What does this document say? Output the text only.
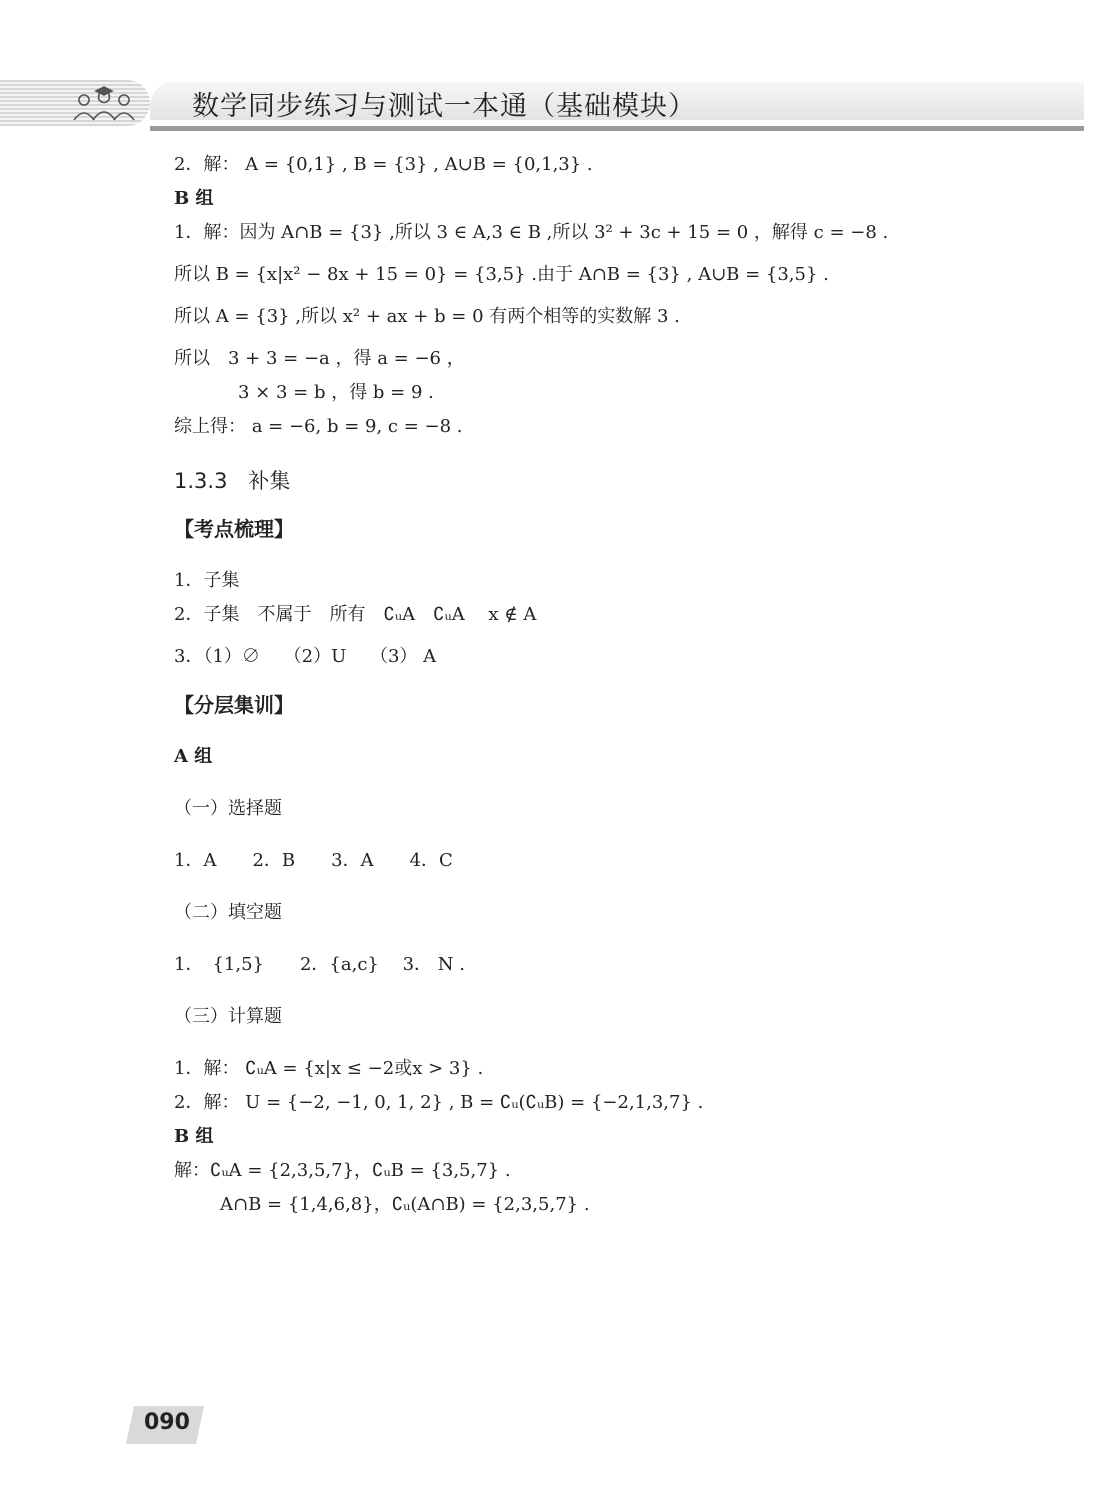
数学同步练习与测试一本通（基础模块）
2．解： A = {0,1} , B = {3} , A∪B = {0,1,3} .
B 组
1．解：因为 A∩B = {3} ,所以 3 ∈ A,3 ∈ B ,所以 3² + 3c + 15 = 0 ，解得 c = −8 .
所以 B = {x|x² − 8x + 15 = 0} = {3,5} .由于 A∩B = {3} , A∪B = {3,5} .
所以 A = {3} ,所以 x² + ax + b = 0 有两个相等的实数解 3 .
所以　3 + 3 = −a ，得 a = −6 ，
3 × 3 = b ，得 b = 9 .
综上得： a = −6, b = 9, c = −8 .
1.3.3　补集
【考点梳理】
1．子集
2．子集　不属于　所有　∁ᵤA　∁ᵤA　 x ∉ A
3．（1）∅　 （2）U　 （3） A
【分层集训】
A 组
（一）选择题
1．A　　2．B　　3．A　　4．C
（二）填空题
1．　{1,5}　　2．{a,c}　 3． N .
（三）计算题
1．解： ∁ᵤA = {x|x ≤ −2或x > 3} .
2．解： U = {−2, −1, 0, 1, 2} , B = ∁ᵤ(∁ᵤB) = {−2,1,3,7} .
B 组
解：∁ᵤA = {2,3,5,7}，∁ᵤB = {3,5,7} .
A∩B = {1,4,6,8}，∁ᵤ(A∩B) = {2,3,5,7} .
090
